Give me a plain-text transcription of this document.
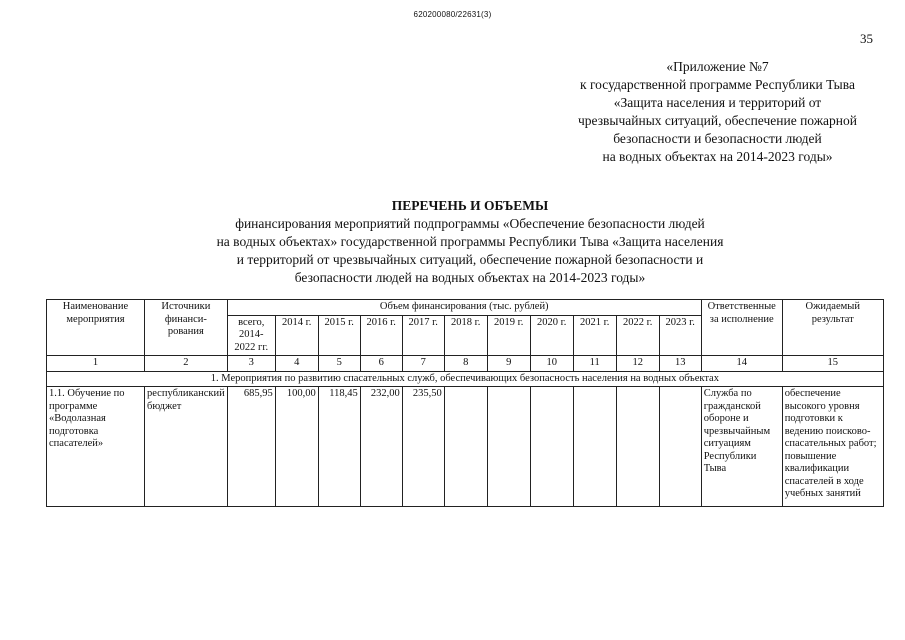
620200080/22631(3)
35
«Приложение №7
к государственной программе Республики Тыва
«Защита населения и территорий от
чрезвычайных ситуаций, обеспечение пожарной
безопасности и безопасности людей
на водных объектах на 2014-2023 годы»
ПЕРЕЧЕНЬ И ОБЪЕМЫ
финансирования мероприятий подпрограммы «Обеспечение безопасности людей
на водных объектах» государственной программы Республики Тыва «Защита населения
и территорий от чрезвычайных ситуаций, обеспечение пожарной безопасности и
безопасности людей на водных объектах на 2014-2023 годы»
Наименование мероприятия	Источники финанси-рования	Объем финансирования (тыс. рублей)											Ответственные за исполнение	Ожидаемый результат
		всего, 2014-2022 гг.	2014 г.	2015 г.	2016 г.	2017 г.	2018 г.	2019 г.	2020 г.	2021 г.	2022 г.	2023 г.		
1	2	3	4	5	6	7	8	9	10	11	12	13	14	15
1. Мероприятия по развитию спасательных служб, обеспечивающих безопасность населения на водных объектах														
1.1. Обучение по программе «Водолазная подготовка спасателей»	республиканский бюджет	685,95	100,00	118,45	232,00	235,50							Служба по гражданской обороне и чрезвычайным ситуациям Республики Тыва	обеспечение высокого уровня подготовки к ведению поисково-спасательных работ; повышение квалификации спасателей в ходе учебных занятий
